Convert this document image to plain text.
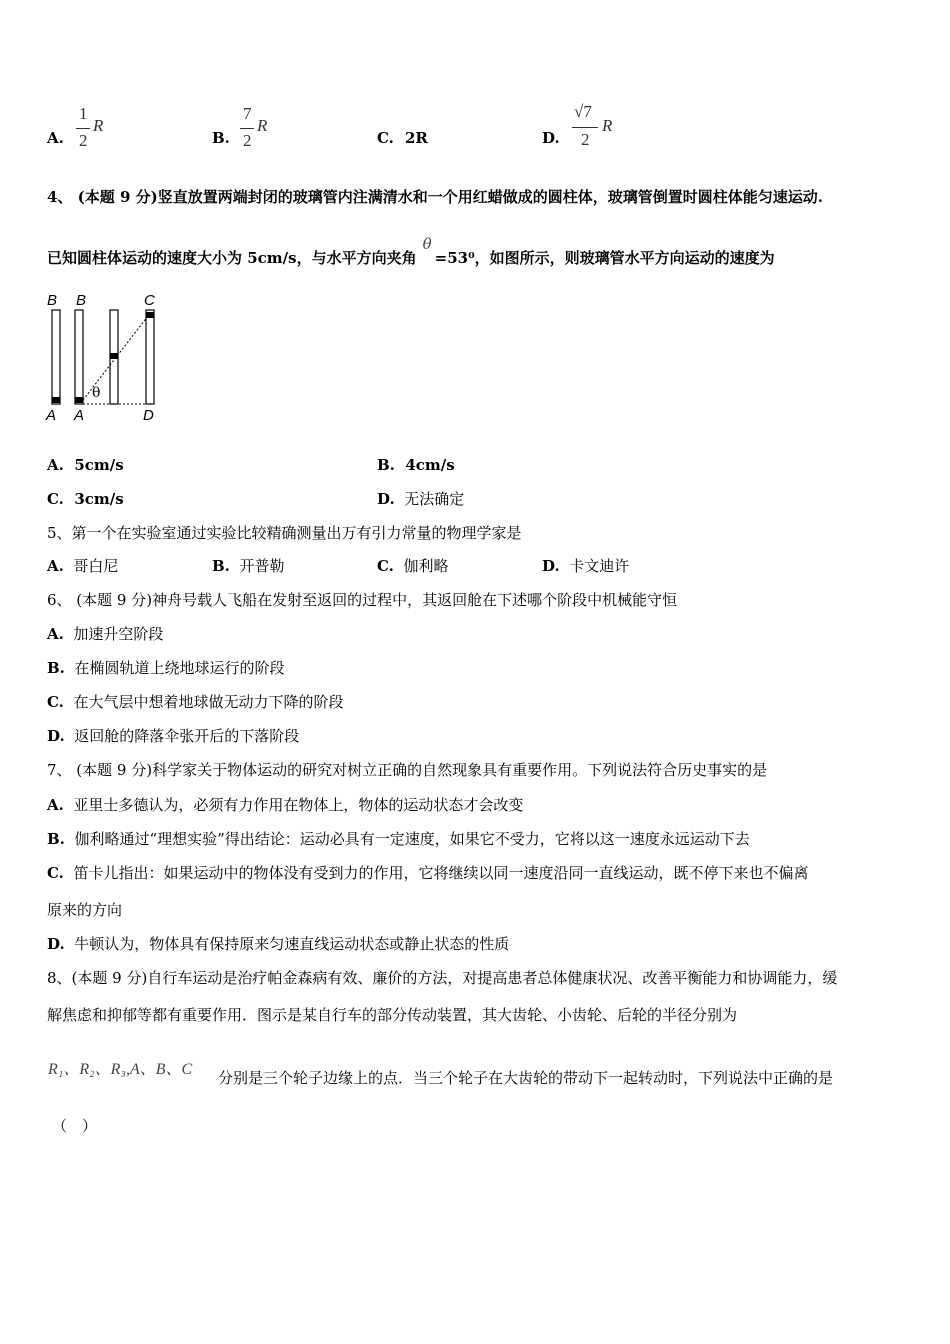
A.
1
2
R
B.
7
2
R
C. 2R	D.
√7
2
R
4、 (本题 9 分)竖直放置两端封闭的玻璃管内注满清水和一个用红蜡做成的圆柱体，玻璃管倒置时圆柱体能匀速运动.
已知圆柱体运动的速度大小为 5cm/s，与水平方向夹角θ=53⁰，如图所示，则玻璃管水平方向运动的速度为
B B	C
A A	D
θ
A. 5cm/s	B. 4cm/s
C. 3cm/s	D. 无法确定
5、第一个在实验室通过实验比较精确测量出万有引力常量的物理学家是
A. 哥白尼	B. 开普勒	C. 伽利略	D. 卡文迪许
6、 (本题 9 分)神舟号载人飞船在发射至返回的过程中，其返回舱在下述哪个阶段中机械能守恒
A. 加速升空阶段
B. 在椭圆轨道上绕地球运行的阶段
C. 在大气层中想着地球做无动力下降的阶段
D. 返回舱的降落伞张开后的下落阶段
7、 (本题 9 分)科学家关于物体运动的研究对树立正确的自然现象具有重要作用。下列说法符合历史事实的是
A. 亚里士多德认为，必须有力作用在物体上，物体的运动状态才会改变
B. 伽利略通过“理想实验”得出结论：运动必具有一定速度，如果它不受力，它将以这一速度永远运动下去
C. 笛卡儿指出：如果运动中的物体没有受到力的作用，它将继续以同一速度沿同一直线运动，既不停下来也不偏离
原来的方向
D. 牛顿认为，物体具有保持原来匀速直线运动状态或静止状态的性质
8、(本题 9 分)自行车运动是治疗帕金森病有效、廉价的方法，对提高患者总体健康状况、改善平衡能力和协调能力，缓
解焦虑和抑郁等都有重要作用．图示是某自行车的部分传动装置，其大齿轮、小齿轮、后轮的半径分别为
R₁、R₂、R₃,A、B、C 分别是三个轮子边缘上的点．当三个轮子在大齿轮的带动下一起转动时，下列说法中正确的是
（　）
